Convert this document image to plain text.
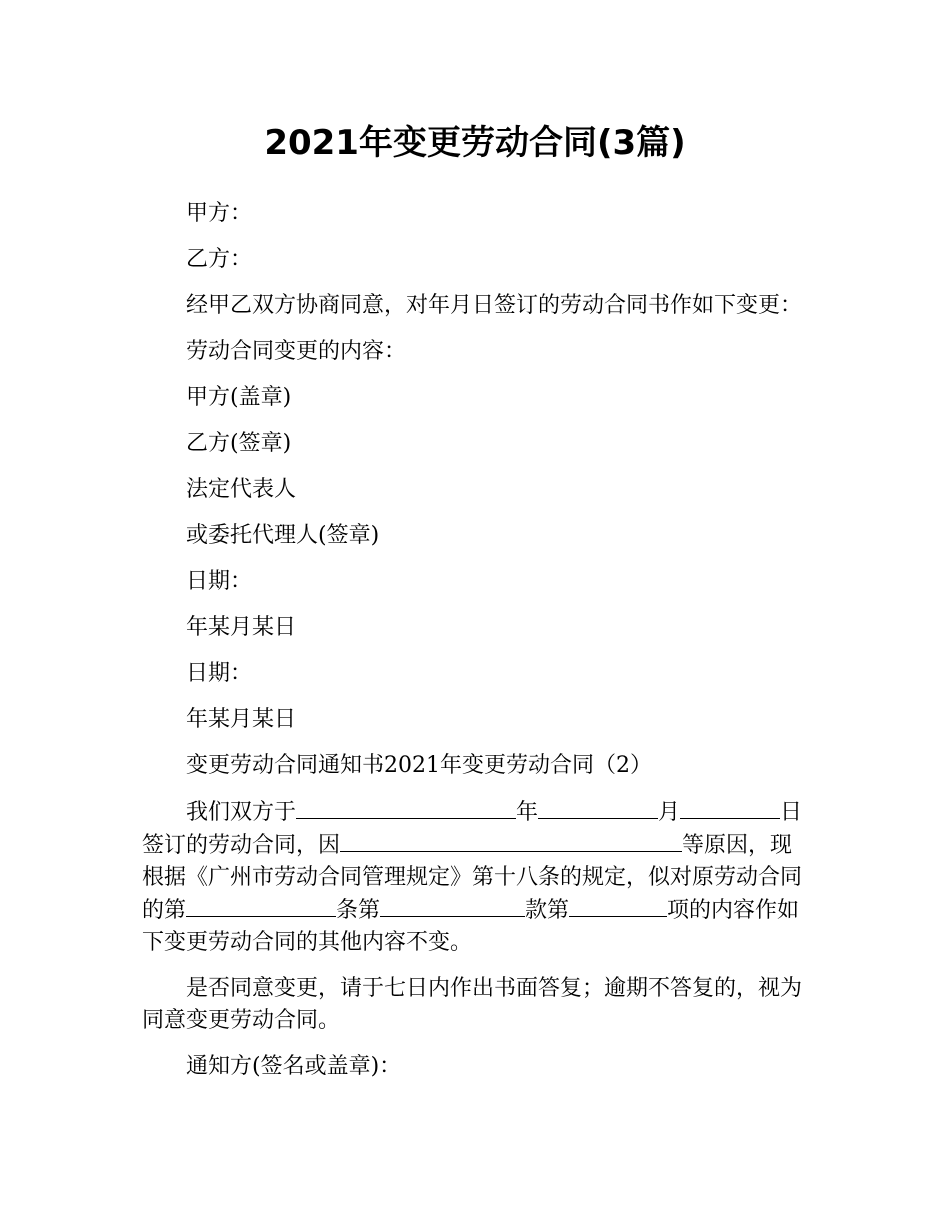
2021年变更劳动合同(3篇)

甲方：

乙方：

经甲乙双方协商同意，对年月日签订的劳动合同书作如下变更：

劳动合同变更的内容：

甲方(盖章)

乙方(签章)

法定代表人

或委托代理人(签章)

日期：

年某月某日

日期：

年某月某日

变更劳动合同通知书2021年变更劳动合同（2）

我们双方于	年	月	日签订的劳动合同，因	等原因，现根据《广州市劳动合同管理规定》第十八条的规定，似对原劳动合同的第	条第	款第	项的内容作如下变更劳动合同的其他内容不变。

是否同意变更，请于七日内作出书面答复；逾期不答复的，视为同意变更劳动合同。

通知方(签名或盖章)：
